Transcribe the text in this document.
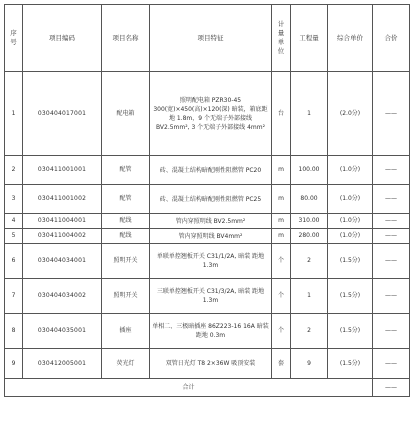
序号	项目编码	项目名称	项目特征	计量单位	工程量	综合单价	合价
1	030404017001	配电箱	照明配电箱 PZR30-45 300(宽)×450(高)×120(深) 暗装，箱底距地 1.8m，9 个无端子外部接线 BV2.5mm², 3 个无端子外部接线 4mm²	台	1	(2.0分)	——
2	030411001001	配管	砖、混凝土结构暗配刚性阻燃管 PC20	m	100.00	(1.0分)	——
3	030411001002	配管	砖、混凝土结构暗配刚性阻燃管 PC25	m	80.00	(1.0分)	——
4	030411004001	配线	管内穿照明线 BV2.5mm²	m	310.00	(1.0分)	——
5	030411004002	配线	管内穿照明线 BV4mm²	m	280.00	(1.0分)	——
6	030404034001	照明开关	单联单控翘板开关 C31/1/2A, 暗装 距地 1.3m	个	2	(1.5分)	——
7	030404034002	照明开关	三联单控翘板开关 C31/3/2A, 暗装 距地 1.3m	个	1	(1.5分)	——
8	030404035001	插座	单相二、三极暗插座 86Z223-16 16A 暗装 距地 0.3m	个	2	(1.5分)	——
9	030412005001	荧光灯	双管日光灯 T8 2×36W 吸顶安装	套	9	(1.5分)	——
合计							——
